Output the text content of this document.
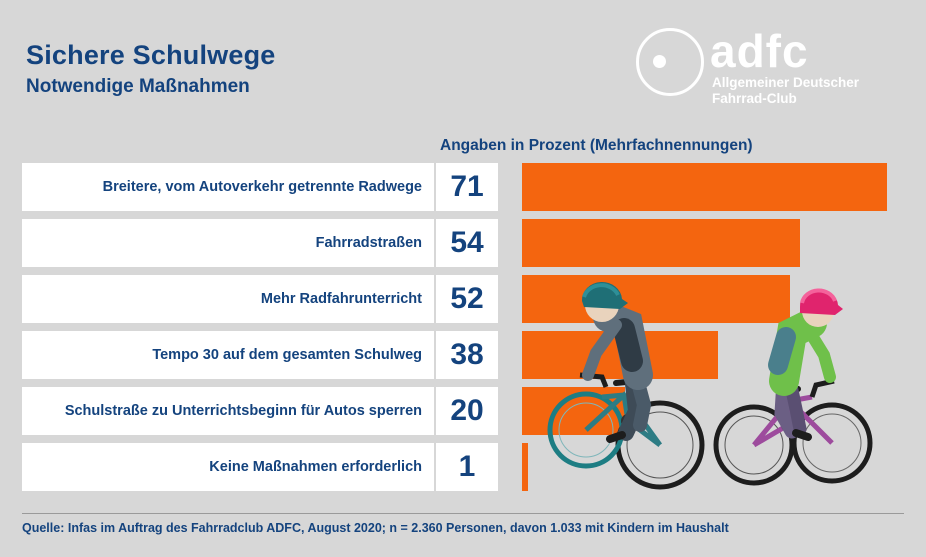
Sichere Schulwege
Notwendige Maßnahmen
adfc
Allgemeiner Deutscher
Fahrrad-Club
Angaben in Prozent (Mehrfachnennungen)
Breitere, vom Autoverkehr getrennte Radwege 71
Fahrradstraßen 54
Mehr Radfahrunterricht 52
Tempo 30 auf dem gesamten Schulweg 38
Schulstraße zu Unterrichtsbeginn für Autos sperren 20
Keine Maßnahmen erforderlich 1
Quelle: Infas im Auftrag des Fahrradclub ADFC, August 2020; n = 2.360 Personen, davon 1.033 mit Kindern im Haushalt
